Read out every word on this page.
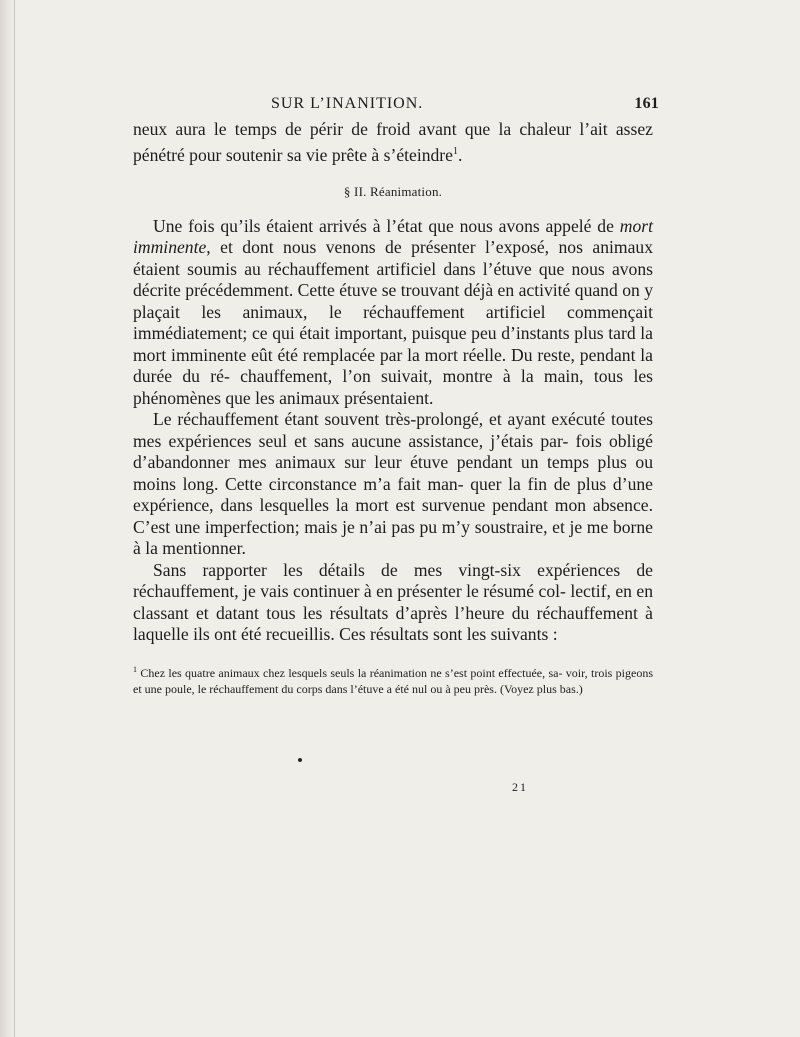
SUR L’INANITION.	161

neux aura le temps de périr de froid avant que la chaleur l’ait assez pénétré pour soutenir sa vie prête à s’éteindre$^1$.

§ II. Réanimation.

Une fois qu’ils étaient arrivés à l’état que nous avons appelé de mort imminente, et dont nous venons de présenter l’exposé, nos animaux étaient soumis au réchauffement artificiel dans l’étuve que nous avons décrite précédemment. Cette étuve se trouvant déjà en activité quand on y plaçait les animaux, le réchauffement artificiel commençait immédiatement; ce qui était important, puisque peu d’instants plus tard la mort imminente eût été remplacée par la mort réelle. Du reste, pendant la durée du ré- chauffement, l’on suivait, montre à la main, tous les phénomènes que les animaux présentaient.

Le réchauffement étant souvent très-prolongé, et ayant exécuté toutes mes expériences seul et sans aucune assistance, j’étais par- fois obligé d’abandonner mes animaux sur leur étuve pendant un temps plus ou moins long. Cette circonstance m’a fait man- quer la fin de plus d’une expérience, dans lesquelles la mort est survenue pendant mon absence. C’est une imperfection; mais je n’ai pas pu m’y soustraire, et je me borne à la mentionner.

Sans rapporter les détails de mes vingt-six expériences de réchauffement, je vais continuer à en présenter le résumé col- lectif, en en classant et datant tous les résultats d’après l’heure du réchauffement à laquelle ils ont été recueillis. Ces résultats sont les suivants :

$^1$ Chez les quatre animaux chez lesquels seuls la réanimation ne s’est point effectuée, sa- voir, trois pigeons et une poule, le réchauffement du corps dans l’étuve a été nul ou à peu près. (Voyez plus bas.)
21
